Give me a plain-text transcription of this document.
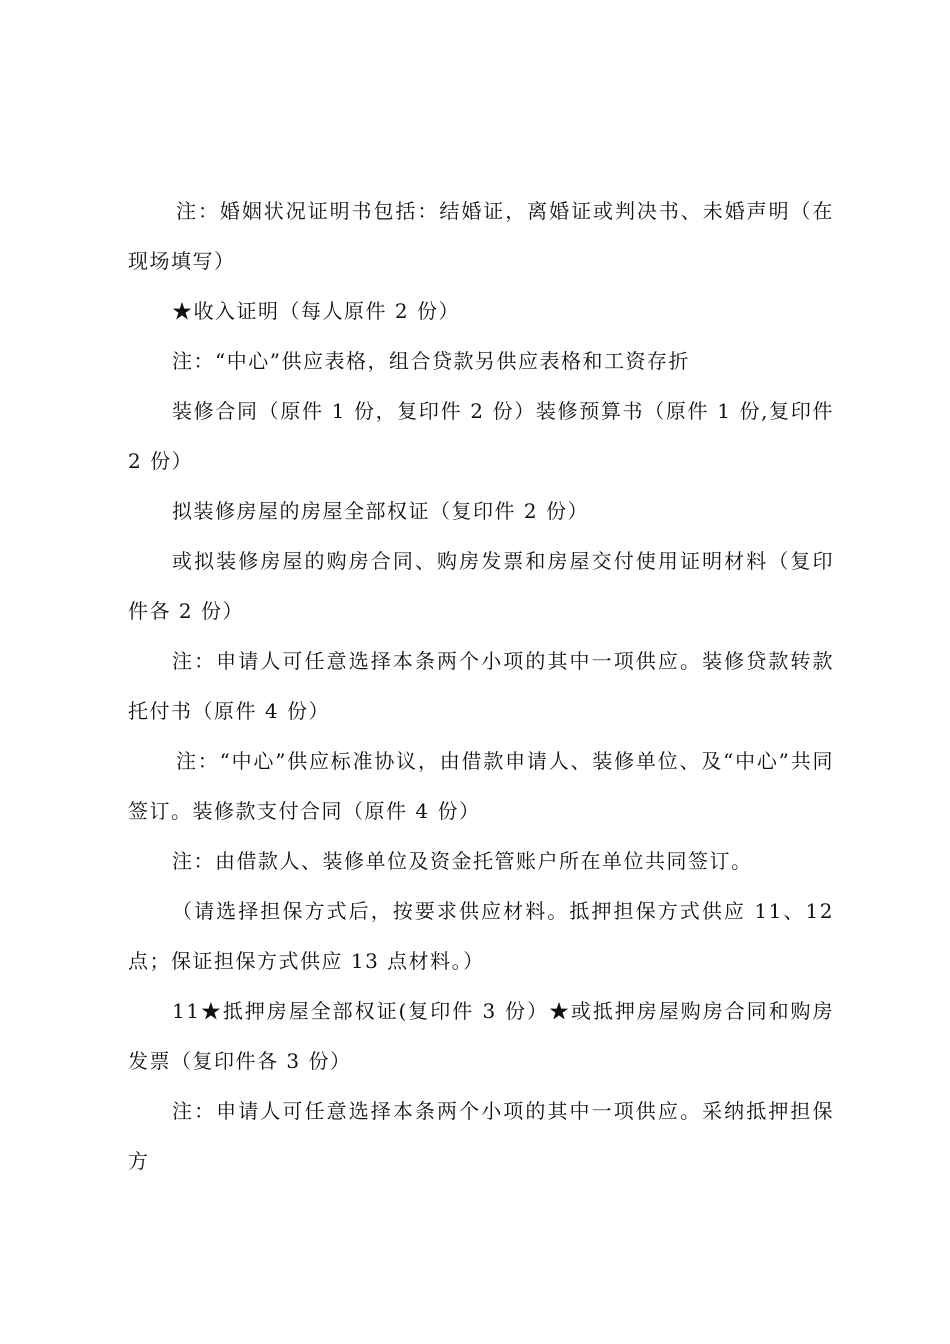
注：婚姻状况证明书包括：结婚证，离婚证或判决书、未婚声明（在现场填写）

★收入证明（每人原件 2 份）

注：“中心”供应表格，组合贷款另供应表格和工资存折

装修合同（原件 1 份，复印件 2 份）装修预算书（原件 1 份,复印件 2 份）

拟装修房屋的房屋全部权证（复印件 2 份）

或拟装修房屋的购房合同、购房发票和房屋交付使用证明材料（复印件各 2 份）

注：申请人可任意选择本条两个小项的其中一项供应。装修贷款转款托付书（原件 4 份）

注：“中心”供应标准协议，由借款申请人、装修单位、及“中心”共同签订。装修款支付合同（原件 4 份）

注：由借款人、装修单位及资金托管账户所在单位共同签订。

（请选择担保方式后，按要求供应材料。抵押担保方式供应 11、12 点；保证担保方式供应 13 点材料。）

11★抵押房屋全部权证(复印件 3 份）★或抵押房屋购房合同和购房发票（复印件各 3 份）

注：申请人可任意选择本条两个小项的其中一项供应。采纳抵押担保方
